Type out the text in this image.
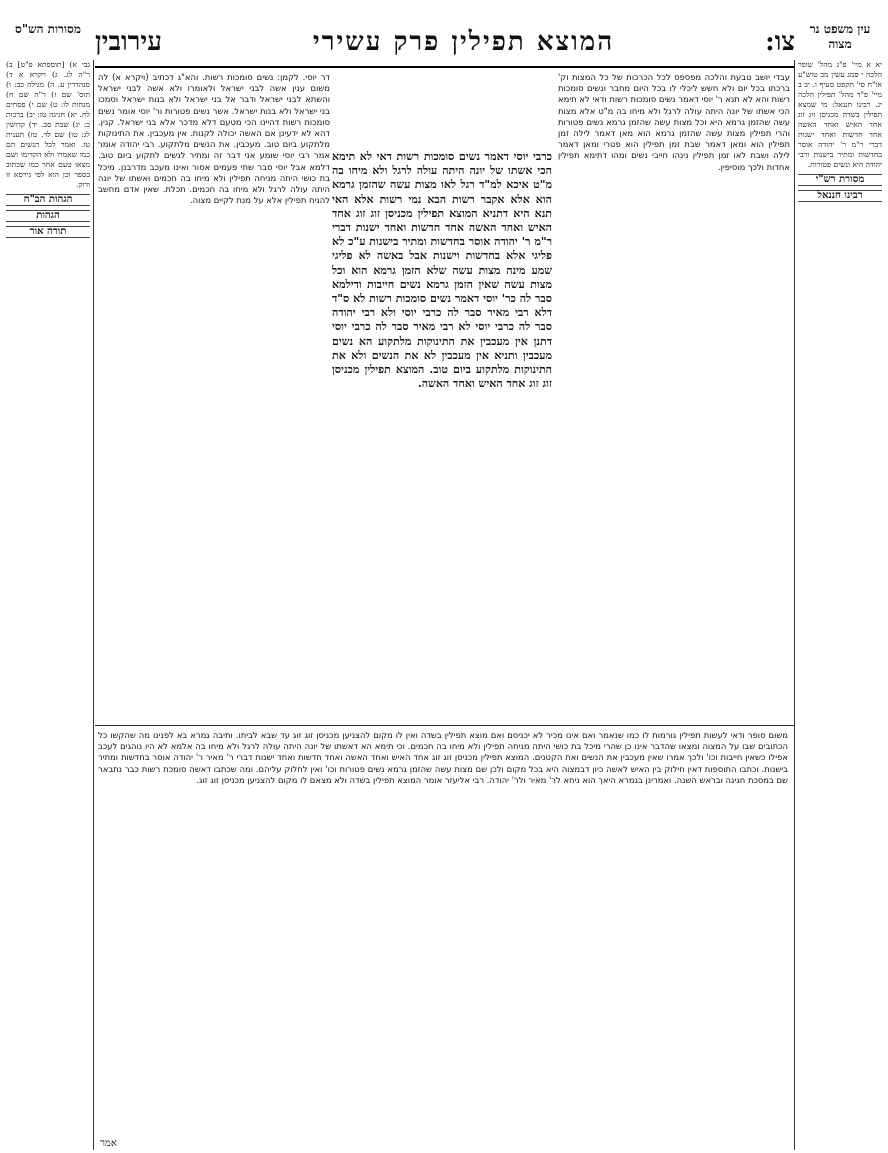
צו:
המוצא תפילין פרק עשירי
עירובין	עין משפט נר מצוה
מסורות הש"ס
יא א מיי' פ"ג מהל' שופר הלכה י סמג עשין מב טוש"ע או"ח סי' תקפט סעיף ו. יב ב מיי' פ"ד מהל' תפילין הלכה יג. רבינו חננאל: מי שמצא תפילין בשדה מכניסן זוג זוג אחד האיש ואחד האשה אחד חדשות ואחד ישנות דברי ר"מ ר' יהודה אוסר בחדשות ומתיר בישנות ורבי יהודה היא ונשים פטורות.
מסורת רש"י
רבינו חננאל
גבי א) [תוספתא פ"ט] ב) ר"ה לג. ג) ויקרא א ד) סנהדרין ע. ה) מגילה כב: ו) תוס' שם ז) ר"ה שם ח) מנחות לו: ט) שם י) פסחים לח. יא) חגיגה טז: יב) ברכות כ: יג) שבת סב. יד) קדושין לג: טו) שם לד. טז) תענית טז. ואמר לכל הנשים הם כמו שאמרו ולא הקדימו ושם מצאו טעם אחר כמו שכתוב בספר וכן הוא לפי גירסא זו ודוק.
הגהות הב"ח
הגהות
תורה אור
עבדי יושב טבעת והלכה מפספס לכל הכרכות של כל המצות וק' ברכתו בכל יום ולא חשש ליכלי לו בכל היום מחבר ונשים סומכות רשות והא לא תנא ר' יוסי דאמר נשים סומכות רשות ודאי לא תימא הכי אשתו של יונה היתה עולה לרגל ולא מיחו בה מ"ט אלא מצות עשה שהזמן גרמא היא וכל מצות עשה שהזמן גרמא נשים פטורות והרי תפילין מצות עשה שהזמן גרמא הוא מאן דאמר לילה זמן תפילין הוא ומאן דאמר שבת זמן תפילין הוא פטרי ומאן דאמר לילה ושבת לאו זמן תפילין נינהו חייבי נשים ומהו דתימא תפילין אחדות ולכך מוסיפין.
דר יוסי. לקמן: נשים סומכות רשות. והא"ג דכתיב (ויקרא א) לה משום ענין אשה לבני ישראל ולאומרו ולא אשה לבני ישראל והשתא לבני ישראל ודבר אל בני ישראל ולא בנות ישראל וסמכו בני ישראל ולא בנות ישראל. אשר נשים פטורות ור' יוסי אומר נשים סומכות רשות דהיינו הכי מטעם דלא מדכר אלא בני ישראל. קנין. דהא לא ידעינן אם האשה יכולה לקנות. אין מעכבין. את התינוקות מלתקוע ביום טוב. מעכבין. את הנשים מלתקוע. רבי יהודה אומר אמר רבי יוסי שומע אני דבר זה ומתיר לנשים לתקוע ביום טוב. דלמא אבל יוסי סבר שתי פעמים אסור ואינו מעכב מדרבנן. מיכל בת כושי היתה מניחה תפילין ולא מיחו בה חכמים ואשתו של יונה היתה עולה לרגל ולא מיחו בה חכמים. תכלת. שאין אדם מחשב להניח תפילין אלא על מנת לקיים מצוה.
כרבי יוסי דאמר נשים סומכות רשות דאי לא תימא הכי אשתו של יונה היתה עולה לרגל ולא מיחו בה מ"ט איכא למ"ד רגל לאו מצות עשה שהזמן גרמא הוא אלא אקבר רשות הבא נמי רשות אלא האי תנא היא דתניא המוצא תפילין מכניסן זוג זוג אחד האיש ואחד האשה אחד חדשות ואחד ישנות דברי ר"מ ר' יהודה אוסר בחדשות ומתיר בישנות ע"כ לא פליגי אלא בחדשות וישנות אבל באשה לא פליגי שמע מינה מצות עשה שלא הזמן גרמא הוא וכל מצות עשה שאין הזמן גרמא נשים חייבות ודילמא סבר לה כר' יוסי דאמר נשים סומכות רשות לא ס"ד דלא רבי מאיר סבר לה כרבי יוסי ולא רבי יהודה סבר לה כרבי יוסי לא רבי מאיר סבר לה כרבי יוסי דתנן אין מעכבין את התינוקות מלתקוע הא נשים מעכבין ותניא אין מעכבין לא את הנשים ולא את התינוקות מלתקוע ביום טוב. המוצא תפילין מכניסן זוג זוג אחד האיש ואחד האשה.
משום סופר ודאי לעשות תפילין גורמות לו כמו שנאמר ואם אינו מכיר לא יכניסם ואם מוצא תפילין בשדה ואין לו מקום להצניען מכניסן זוג זוג עד שבא לביתו. ותיבה גמרא בא לפנינו מה שהקשו כל הכתובים שבו על המצוה ומצאו שהדבר אינו כן שהרי מיכל בת כושי היתה מניחה תפילין ולא מיחו בה חכמים. וכי תימא הא דאשתו של יונה היתה עולה לרגל ולא מיחו בה אלמא לא היו נוהגים לעכב אפילו כשאין חייבות וכו' ולכך אמרו שאין מעכבין את הנשים ואת הקטנים. המוצא תפילין מכניסן זוג זוג אחד האיש ואחד האשה ואחד חדשות ואחד ישנות דברי ר' מאיר ר' יהודה אוסר בחדשות ומתיר בישנות. וכתבו התוספות דאין חילוק בין האיש לאשה כיון דבמצוה היא בכל מקום ולכן שם מצות עשה שהזמן גרמא נשים פטורות וכו' ואין לחלוק עליהם. ומה שכתבו דאשה סומכת רשות כבר נתבאר שם במסכת חגיגה ובראש השנה. ואמרינן בגמרא היאך הוא ניחא לר' מאיר ולר' יהודה. רבי אליעזר אומר המוצא תפילין בשדה ולא מצאם לו מקום להצניען מכניסן זוג זוג.
אמר
